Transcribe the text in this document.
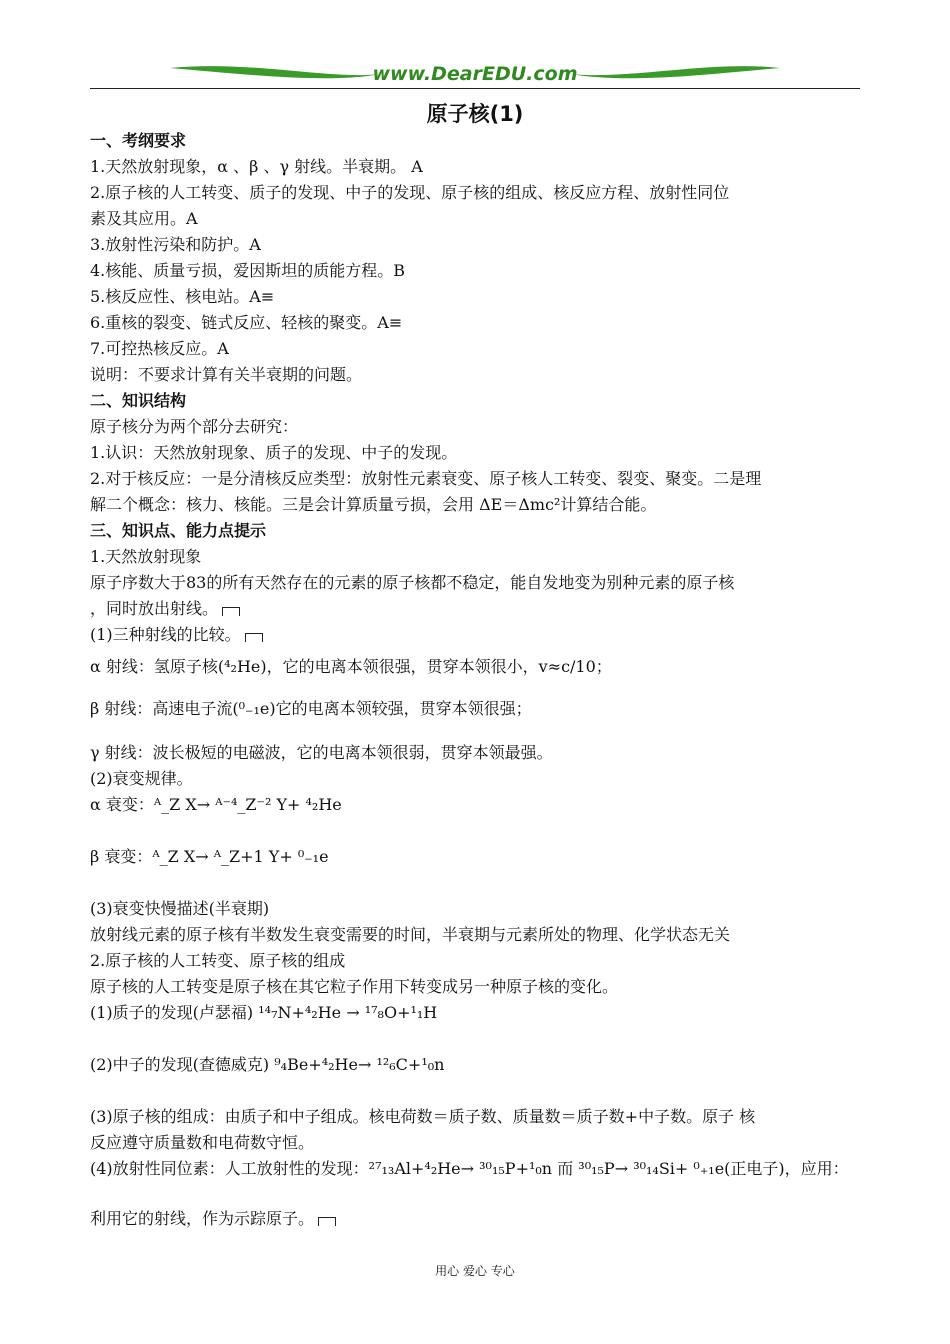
www.DearEDU.com
原子核(1)
一、考纲要求
1.天然放射现象，α 、β 、γ 射线。半衰期。 A
2.原子核的人工转变、质子的发现、中子的发现、原子核的组成、核反应方程、放射性同位
素及其应用。A
3.放射性污染和防护。A
4.核能、质量亏损，爱因斯坦的质能方程。B
5.核反应性、核电站。A≡
6.重核的裂变、链式反应、轻核的聚变。A≡
7.可控热核反应。A
说明：不要求计算有关半衰期的问题。
二、知识结构
原子核分为两个部分去研究：
1.认识：天然放射现象、质子的发现、中子的发现。
2.对于核反应：一是分清核反应类型：放射性元素衰变、原子核人工转变、裂变、聚变。二是理
解二个概念：核力、核能。三是会计算质量亏损，会用 ΔE＝Δmc²计算结合能。
三、知识点、能力点提示
1.天然放射现象
原子序数大于83的所有天然存在的元素的原子核都不稳定，能自发地变为别种元素的原子核
，同时放出射线。
(1)三种射线的比较。
α 射线：氢原子核(⁴₂He)，它的电离本领很强，贯穿本领很小，v≈c/10；
β 射线：高速电子流(⁰₋₁e)它的电离本领较强，贯穿本领很强；
γ 射线：波长极短的电磁波，它的电离本领很弱，贯穿本领最强。
(2)衰变规律。
α 衰变：ᴬ_Z X→ ᴬ⁻⁴_Z⁻² Y+ ⁴₂He
β 衰变：ᴬ_Z X→ ᴬ_Z+1 Y+ ⁰₋₁e
(3)衰变快慢描述(半衰期)
放射线元素的原子核有半数发生衰变需要的时间，半衰期与元素所处的物理、化学状态无关
2.原子核的人工转变、原子核的组成
原子核的人工转变是原子核在其它粒子作用下转变成另一种原子核的变化。
(1)质子的发现(卢瑟福) ¹⁴₇N+⁴₂He → ¹⁷₈O+¹₁H
(2)中子的发现(查德威克) ⁹₄Be+⁴₂He→ ¹²₆C+¹₀n
(3)原子核的组成：由质子和中子组成。核电荷数＝质子数、质量数＝质子数+中子数。原子 核
反应遵守质量数和电荷数守恒。
(4)放射性同位素：人工放射性的发现：²⁷₁₃Al+⁴₂He→ ³⁰₁₅P+¹₀n 而 ³⁰₁₅P→ ³⁰₁₄Si+ ⁰₊₁e(正电子)，应用：
利用它的射线，作为示踪原子。
用心 爱心 专心
